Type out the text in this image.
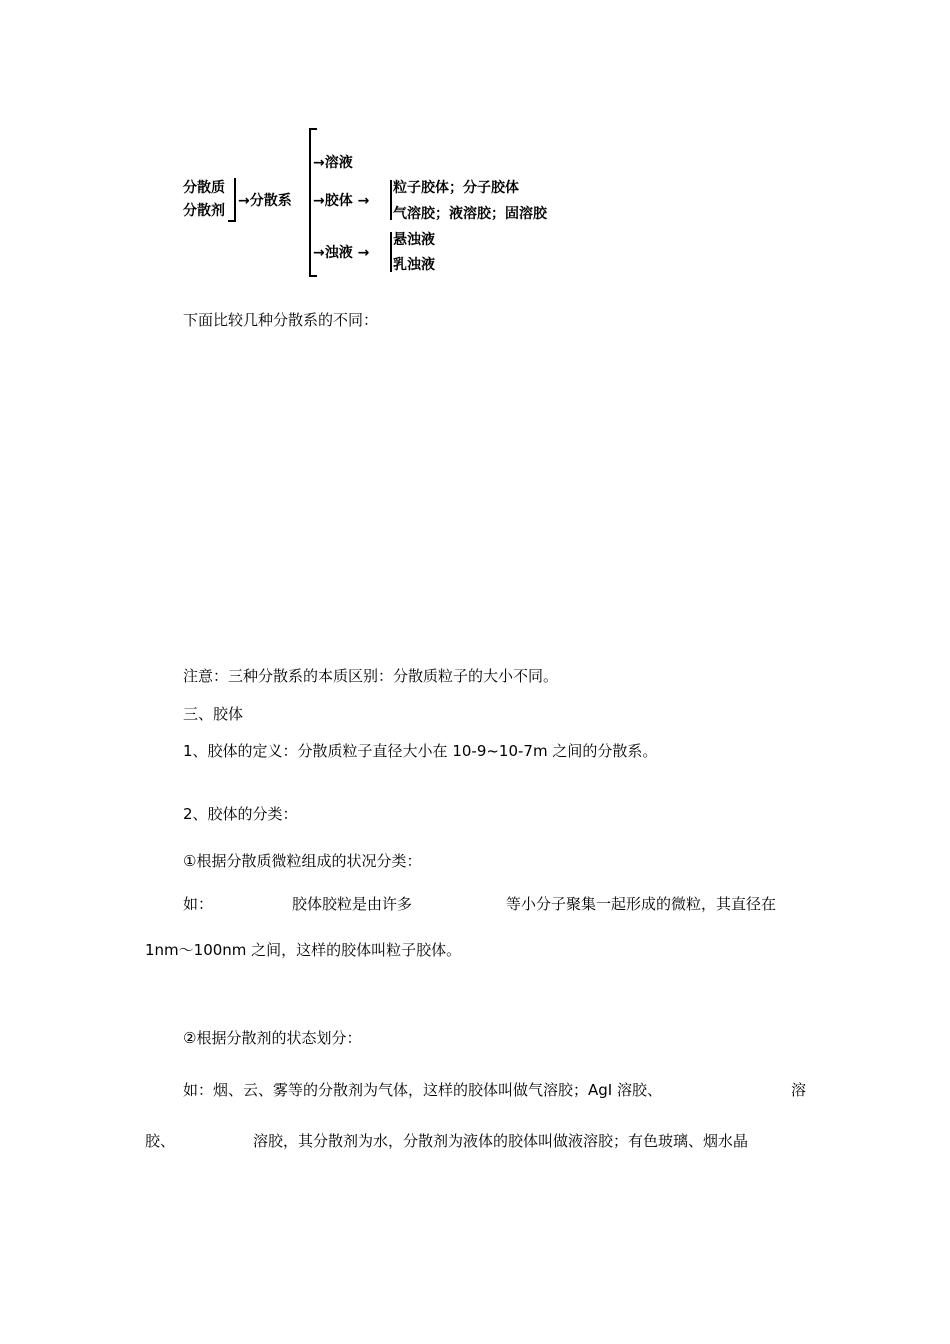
分散质
分散剂
→分散系
→溶液
→胶体 →
→浊液 →
粒子胶体；分子胶体
气溶胶；液溶胶；固溶胶
悬浊液
乳浊液
下面比较几种分散系的不同：
注意：三种分散系的本质区别：分散质粒子的大小不同。
三、胶体
1、胶体的定义：分散质粒子直径大小在 10-9~10-7m 之间的分散系。
2、胶体的分类：
①根据分散质微粒组成的状况分类：
如：	胶体胶粒是由许多	等小分子聚集一起形成的微粒，其直径在
1nm～100nm 之间，这样的胶体叫粒子胶体。
②根据分散剂的状态划分：
如：烟、云、雾等的分散剂为气体，这样的胶体叫做气溶胶；AgI 溶胶、	溶
胶、	溶胶，其分散剂为水，分散剂为液体的胶体叫做液溶胶；有色玻璃、烟水晶
